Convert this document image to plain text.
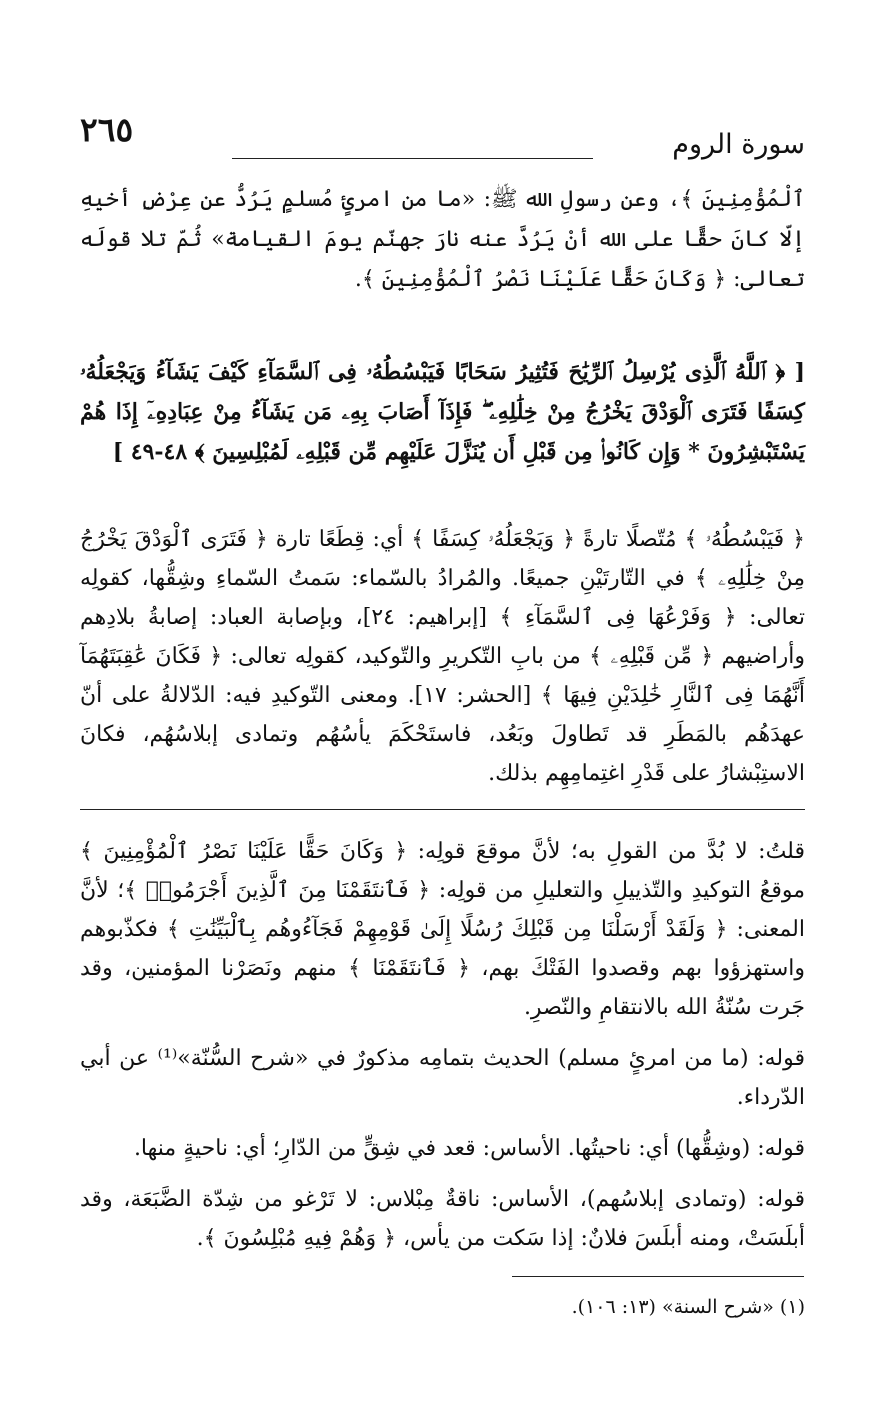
سورة الروم
٢٦٥

ٱلْمُؤْمِنِينَ ﴾، وعن رسولِ الله ﷺ: «ما من امرئٍ مُسلمٍ يَرُدُّ عن عِرْضِ أخيهِ إلّا كانَ حقًّا على الله أنْ يَرُدَّ عنه نارَ جهنّم يومَ القيامة» ثُمّ تلا قولَه تعالى: ﴿ وَكَانَ حَقًّا عَلَيْنَا نَصْرُ ٱلْمُؤْمِنِينَ ﴾.

[ ﴿ ٱللَّهُ ٱلَّذِى يُرْسِلُ ٱلرِّيَٰحَ فَتُثِيرُ سَحَابًا فَيَبْسُطُهُۥ فِى ٱلسَّمَآءِ كَيْفَ يَشَآءُ وَيَجْعَلُهُۥ كِسَفًا فَتَرَى ٱلْوَدْقَ يَخْرُجُ مِنْ خِلَٰلِهِۦ ۖ فَإِذَآ أَصَابَ بِهِۦ مَن يَشَآءُ مِنْ عِبَادِهِۦٓ إِذَا هُمْ يَسْتَبْشِرُونَ * وَإِن كَانُوا۟ مِن قَبْلِ أَن يُنَزَّلَ عَلَيْهِم مِّن قَبْلِهِۦ لَمُبْلِسِينَ ﴾ ٤٨-٤٩ ]

﴿ فَيَبْسُطُهُۥ ﴾ مُتّصلًا تارةً ﴿ وَيَجْعَلُهُۥ كِسَفًا ﴾ أي: قِطَعًا تارة ﴿ فَتَرَى ٱلْوَدْقَ يَخْرُجُ مِنْ خِلَٰلِهِۦ ﴾ في التّارتَيْنِ جميعًا. والمُرادُ بالسّماء: سَمتُ السّماءِ وشِقُّها، كقولِه تعالى: ﴿ وَفَرْعُهَا فِى ٱلسَّمَآءِ ﴾ [إبراهيم: ٢٤]، وبإصابة العباد: إصابةُ بلادِهم وأراضيهم ﴿ مِّن قَبْلِهِۦ ﴾ من بابِ التّكريرِ والتّوكيد، كقولِه تعالى: ﴿ فَكَانَ عَٰقِبَتَهُمَآ أَنَّهُمَا فِى ٱلنَّارِ خَٰلِدَيْنِ فِيهَا ﴾ [الحشر: ١٧]. ومعنى التّوكيدِ فيه: الدّلالةُ على أنّ عهدَهُم بالمَطَرِ قد تَطاولَ وبَعُد، فاستَحْكَمَ يأسُهُم وتمادى إبلاسُهُم، فكانَ الاستِبْشارُ على قَدْرِ اغتِمامِهِم بذلك.

قلتُ: لا بُدَّ من القولِ به؛ لأنَّ موقعَ قولِه: ﴿ وَكَانَ حَقًّا عَلَيْنَا نَصْرُ ٱلْمُؤْمِنِينَ ﴾ موقعُ التوكيدِ والتّذييلِ والتعليلِ من قولِه: ﴿ فَٱنتَقَمْنَا مِنَ ٱلَّذِينَ أَجْرَمُوا۟ ﴾؛ لأنَّ المعنى: ﴿ وَلَقَدْ أَرْسَلْنَا مِن قَبْلِكَ رُسُلًا إِلَىٰ قَوْمِهِمْ فَجَآءُوهُم بِٱلْبَيِّنَٰتِ ﴾ فكذّبوهم واستهزؤوا بهم وقصدوا الفَتْكَ بهم، ﴿ فَٱنتَقَمْنَا ﴾ منهم ونَصَرْنا المؤمنين، وقد جَرت سُنّةُ الله بالانتقامِ والنّصرِ.

قوله: (ما من امرئٍ مسلم) الحديث بتمامِه مذكورٌ في «شرح السُّنّة»⁽¹⁾ عن أبي الدّرداء.

قوله: (وشِقُّها) أي: ناحيتُها. الأساس: قعد في شِقٍّ من الدّارِ؛ أي: ناحيةٍ منها.

قوله: (وتمادى إبلاسُهم)، الأساس: ناقةٌ مِبْلاس: لا تَرْغو من شِدّة الضَّبَعَة، وقد أبلَسَتْ، ومنه أبلَسَ فلانٌ: إذا سَكت من يأس، ﴿ وَهُمْ فِيهِ مُبْلِسُونَ ﴾.

(١) «شرح السنة» (١٣: ١٠٦).
